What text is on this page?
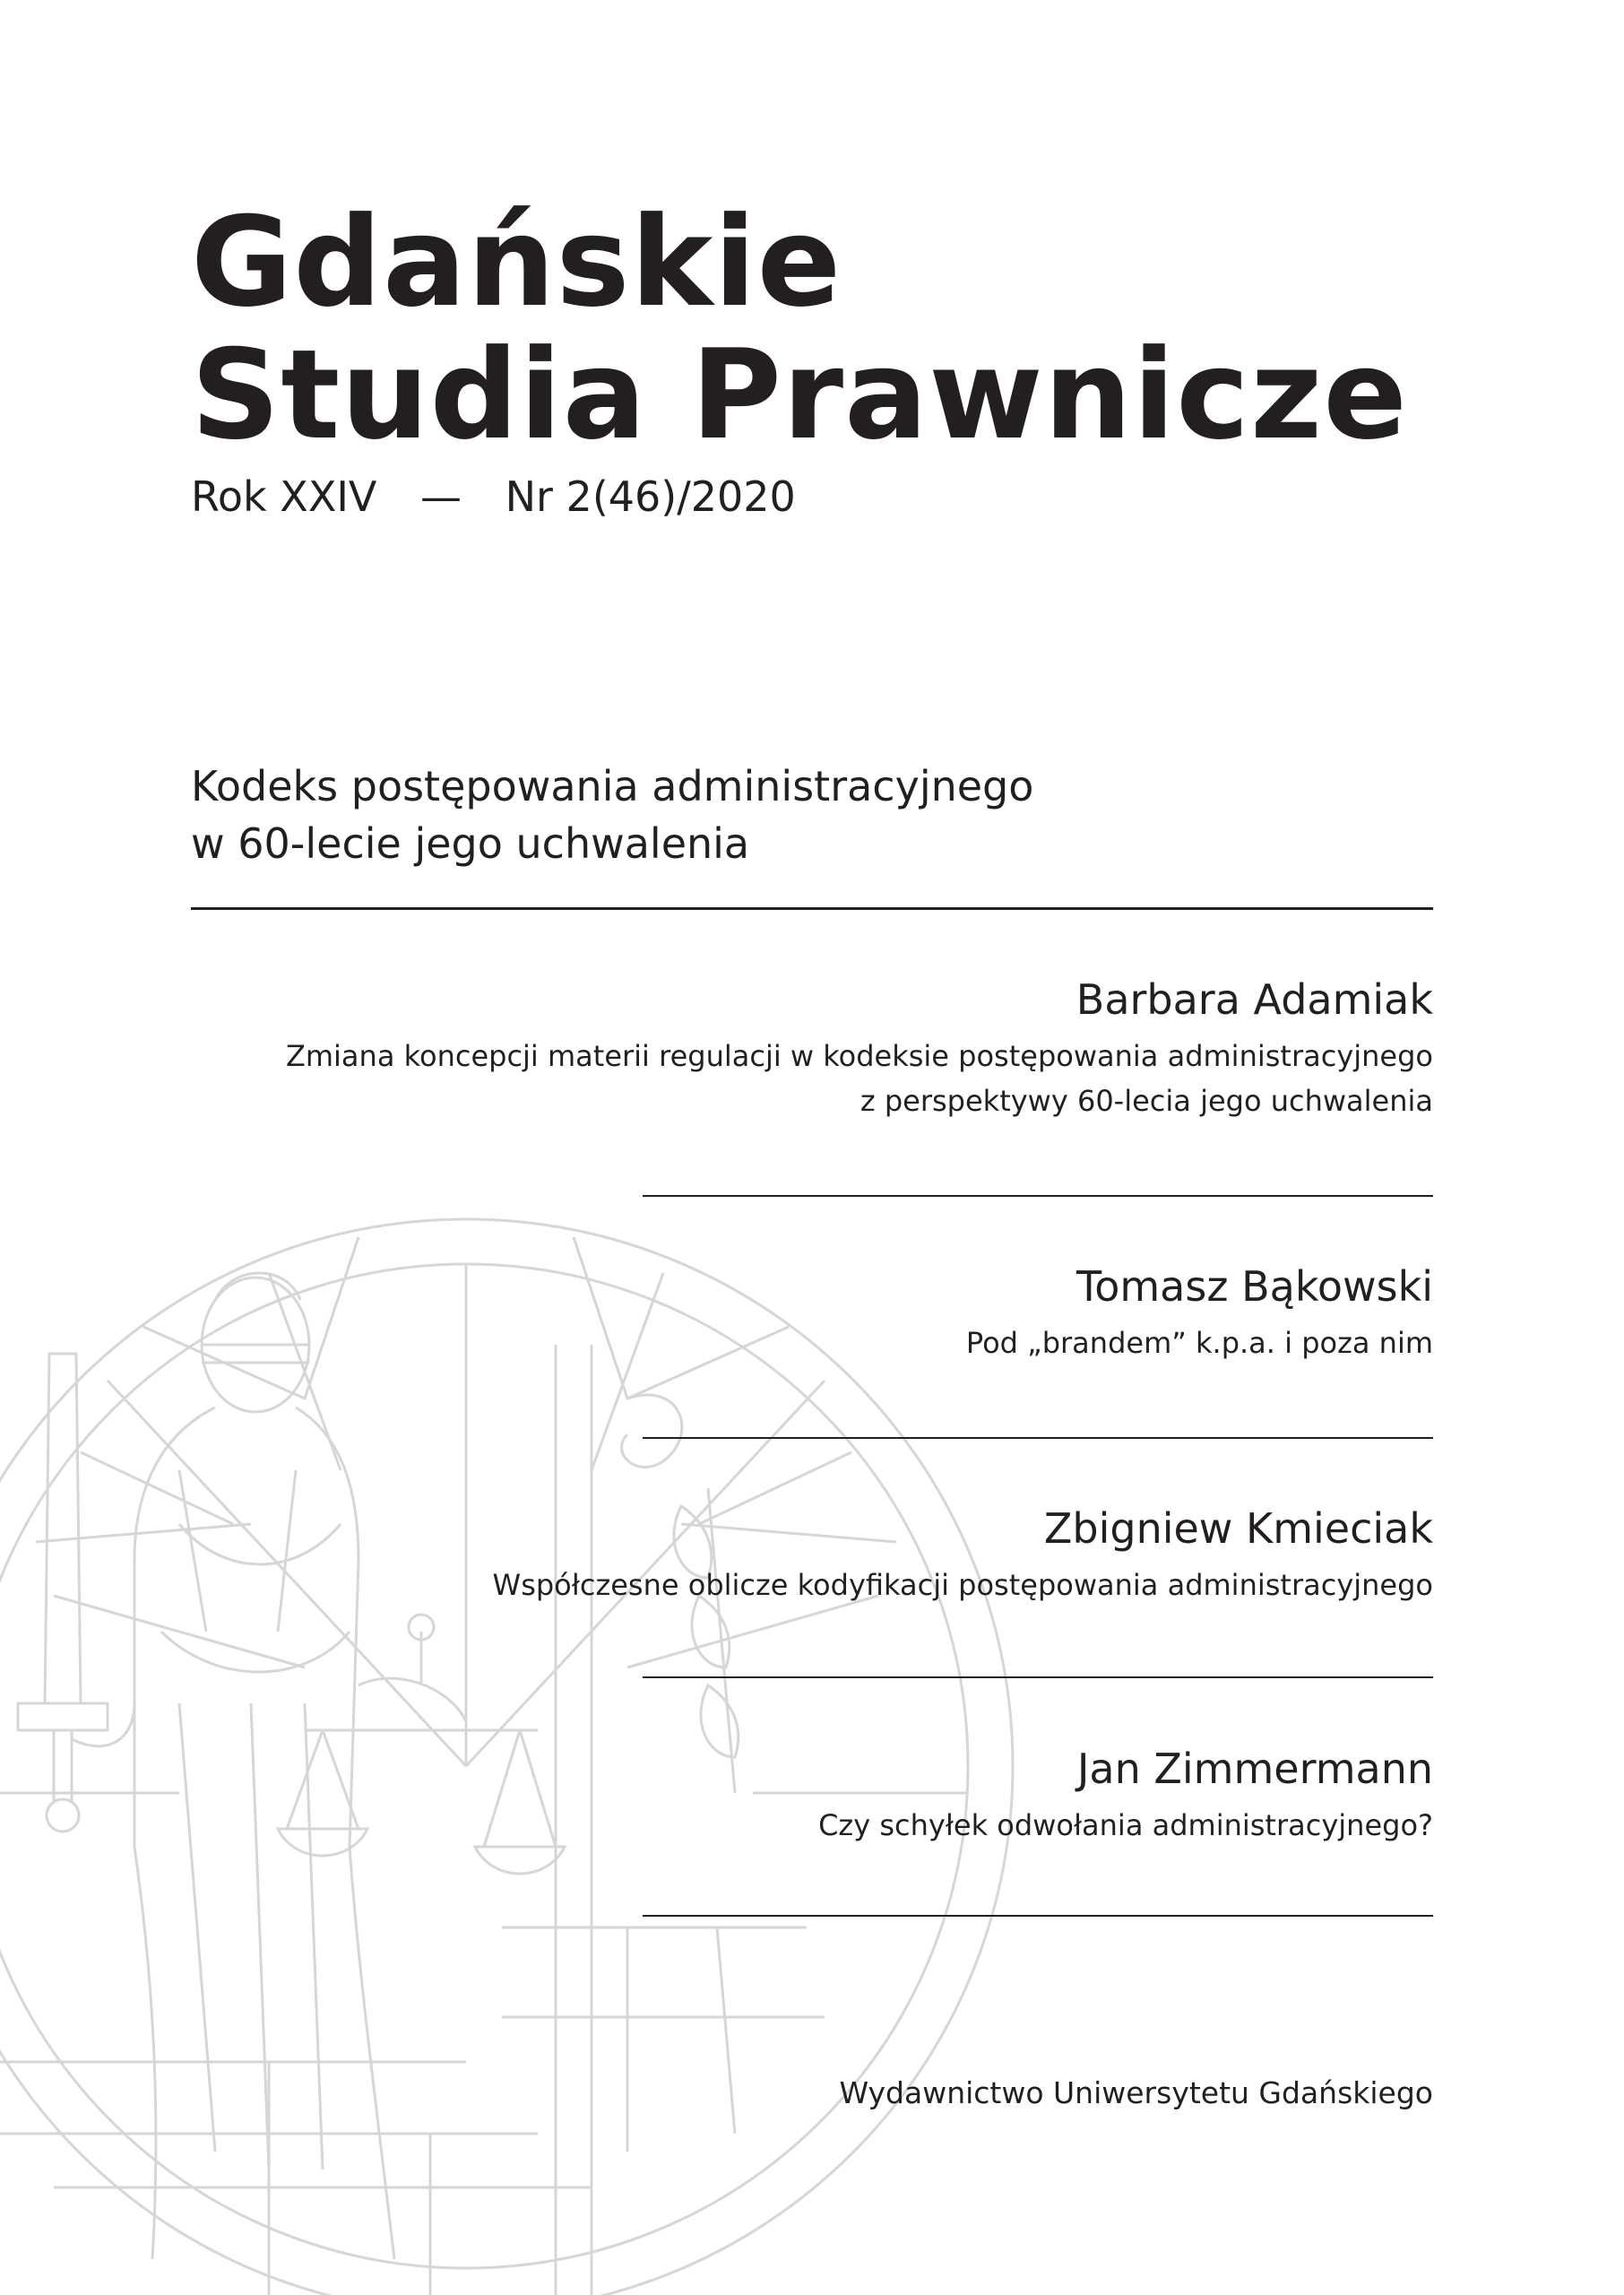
Gdańskie
Studia Prawnicze
Rok XXIV — Nr 2(46)/2020
Kodeks postępowania administracyjnego
w 60-lecie jego uchwalenia
Barbara Adamiak
Zmiana koncepcji materii regulacji w kodeksie postępowania administracyjnego
z perspektywy 60-lecia jego uchwalenia
Tomasz Bąkowski
Pod „brandem” k.p.a. i poza nim
Zbigniew Kmieciak
Współczesne oblicze kodyfikacji postępowania administracyjnego
Jan Zimmermann
Czy schyłek odwołania administracyjnego?
Wydawnictwo Uniwersytetu Gdańskiego
